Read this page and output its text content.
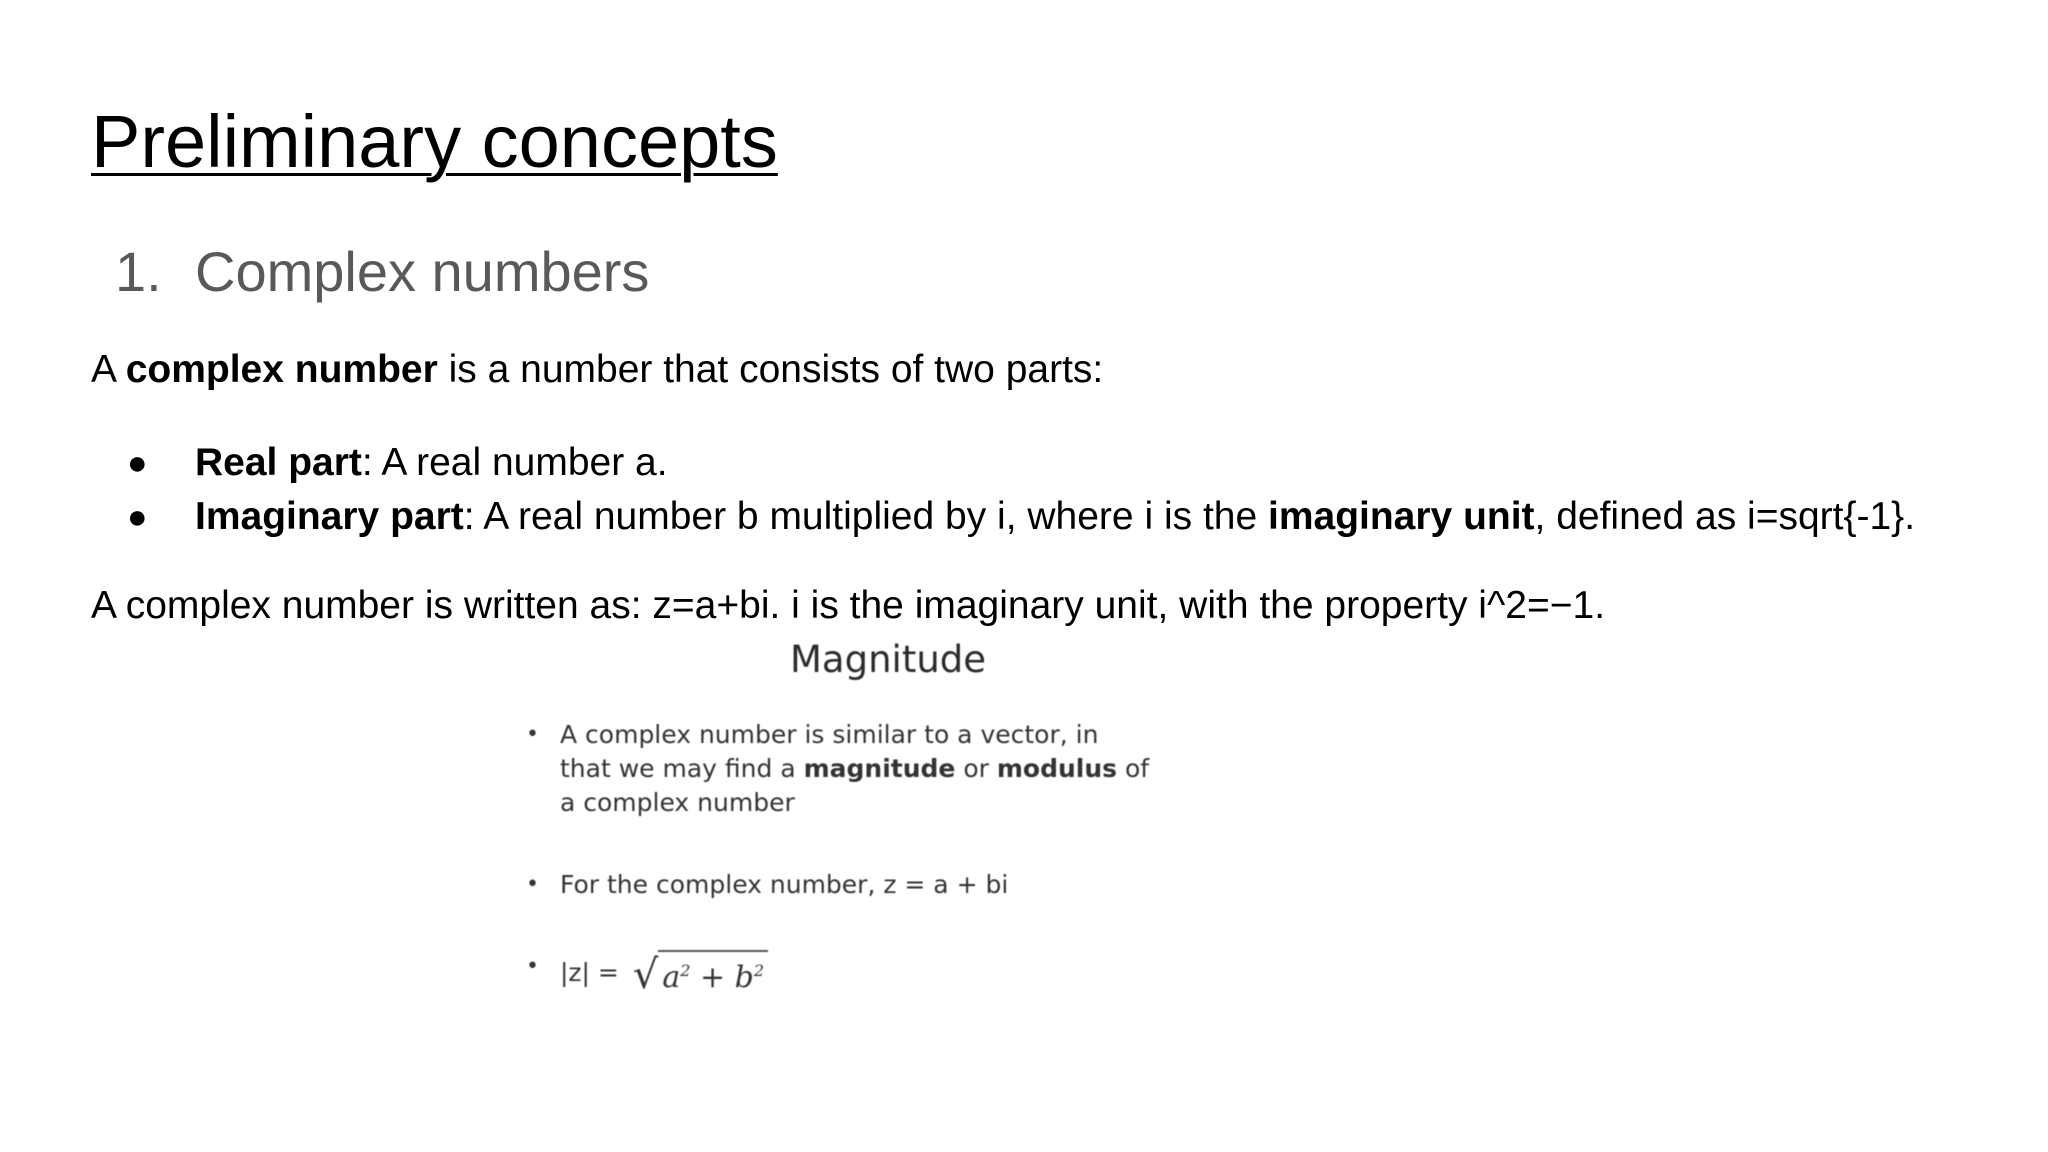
Preliminary concepts
1. Complex numbers
A complex number is a number that consists of two parts:
● Real part: A real number a.
● Imaginary part: A real number b multiplied by i, where i is the imaginary unit, defined as i=sqrt{-1}.
A complex number is written as: z=a+bi. i is the imaginary unit, with the property i^2=−1.
Magnitude
• A complex number is similar to a vector, in
that we may find a magnitude or modulus of
a complex number
• For the complex number, z = a + bi
• |z| = √ $a^2 + b^2$
